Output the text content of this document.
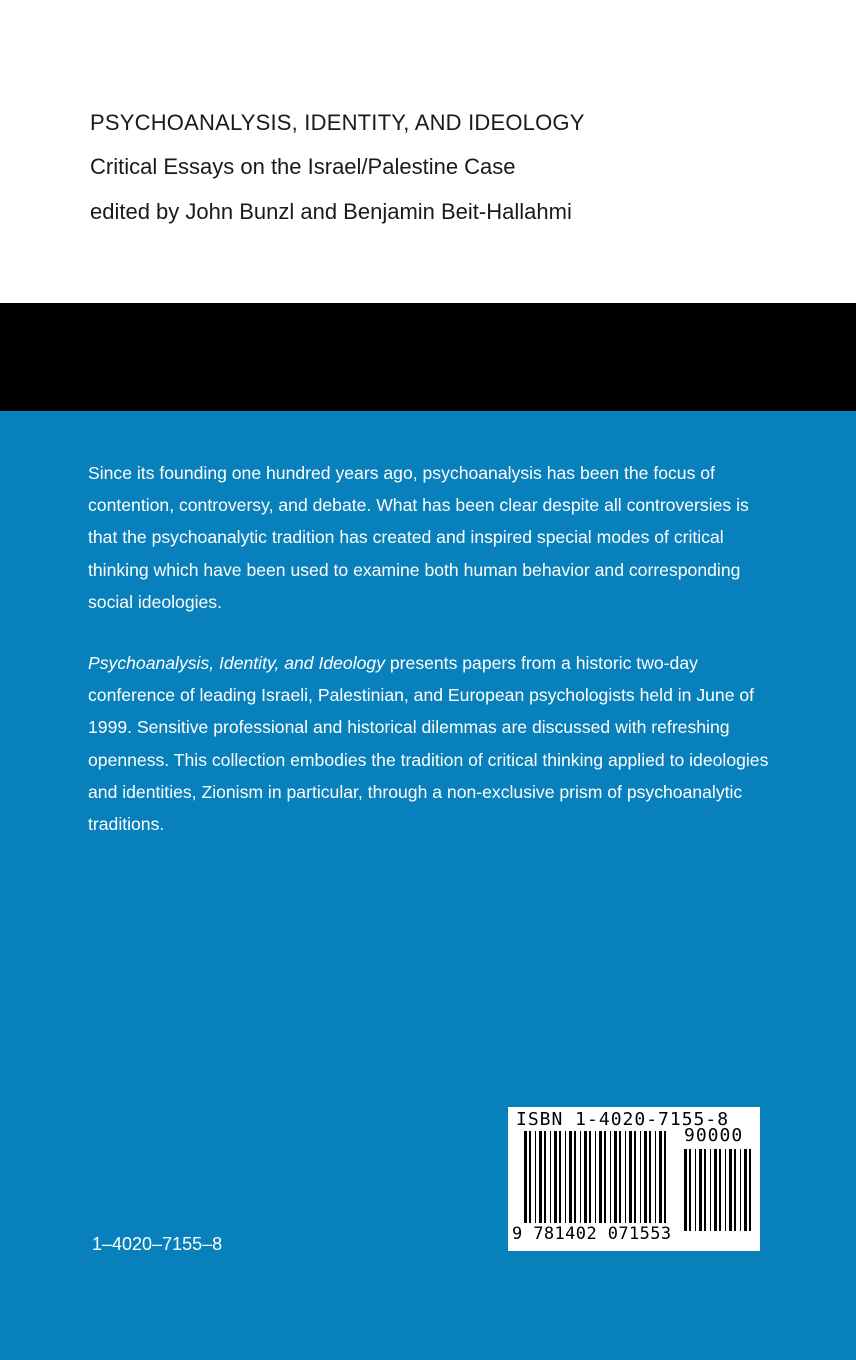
PSYCHOANALYSIS, IDENTITY, AND IDEOLOGY
Critical Essays on the Israel/Palestine Case

edited by John Bunzl and Benjamin Beit-Hallahmi

Since its founding one hundred years ago, psychoanalysis has been the focus of contention, controversy, and debate. What has been clear despite all controversies is that the psychoanalytic tradition has created and inspired special modes of critical thinking which have been used to examine both human behavior and corresponding social ideologies.

Psychoanalysis, Identity, and Ideology presents papers from a historic two-day conference of leading Israeli, Palestinian, and European psychologists held in June of 1999. Sensitive professional and historical dilemmas are discussed with refreshing openness. This collection embodies the tradition of critical thinking applied to ideologies and identities, Zionism in particular, through a non-exclusive prism of psychoanalytic traditions.

1–4020–7155–8
ISBN 1-4020-7155-8
90000
9 781402 071553
